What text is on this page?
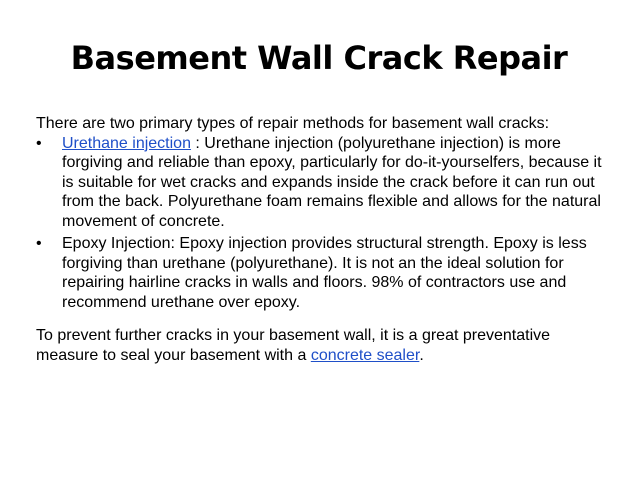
Basement Wall Crack Repair

There are two primary types of repair methods for basement wall cracks:

•	Urethane injection : Urethane injection (polyurethane injection) is more forgiving and reliable than epoxy, particularly for do-it-yourselfers, because it is suitable for wet cracks and expands inside the crack before it can run out from the back. Polyurethane foam remains flexible and allows for the natural movement of concrete.
•	Epoxy Injection: Epoxy injection provides structural strength. Epoxy is less forgiving than urethane (polyurethane). It is not an the ideal solution for repairing hairline cracks in walls and floors. 98% of contractors use and recommend urethane over epoxy.

To prevent further cracks in your basement wall, it is a great preventative measure to seal your basement with a concrete sealer.
